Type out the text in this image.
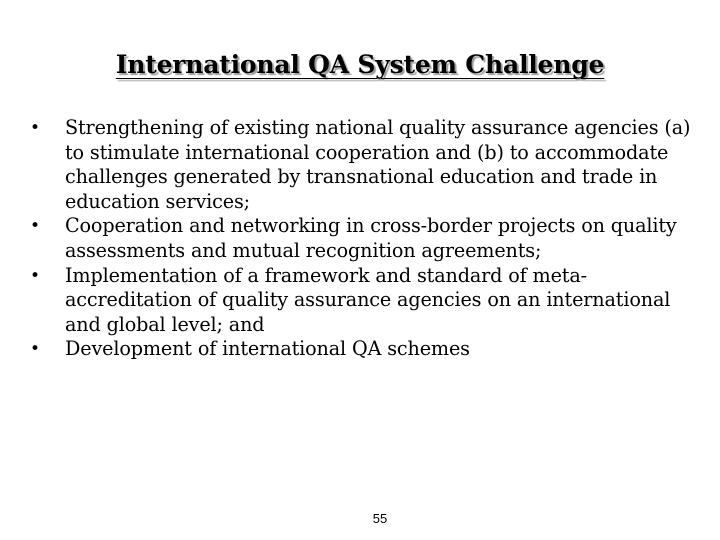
International QA System Challenge
•	Strengthening of existing national quality assurance agencies (a) to stimulate international cooperation and (b) to accommodate challenges generated by transnational education and trade in education services;
•	Cooperation and networking in cross-border projects on quality assessments and mutual recognition agreements;
•	Implementation of a framework and standard of meta-accreditation of quality assurance agencies on an international and global level; and
•	Development of international QA schemes

55
